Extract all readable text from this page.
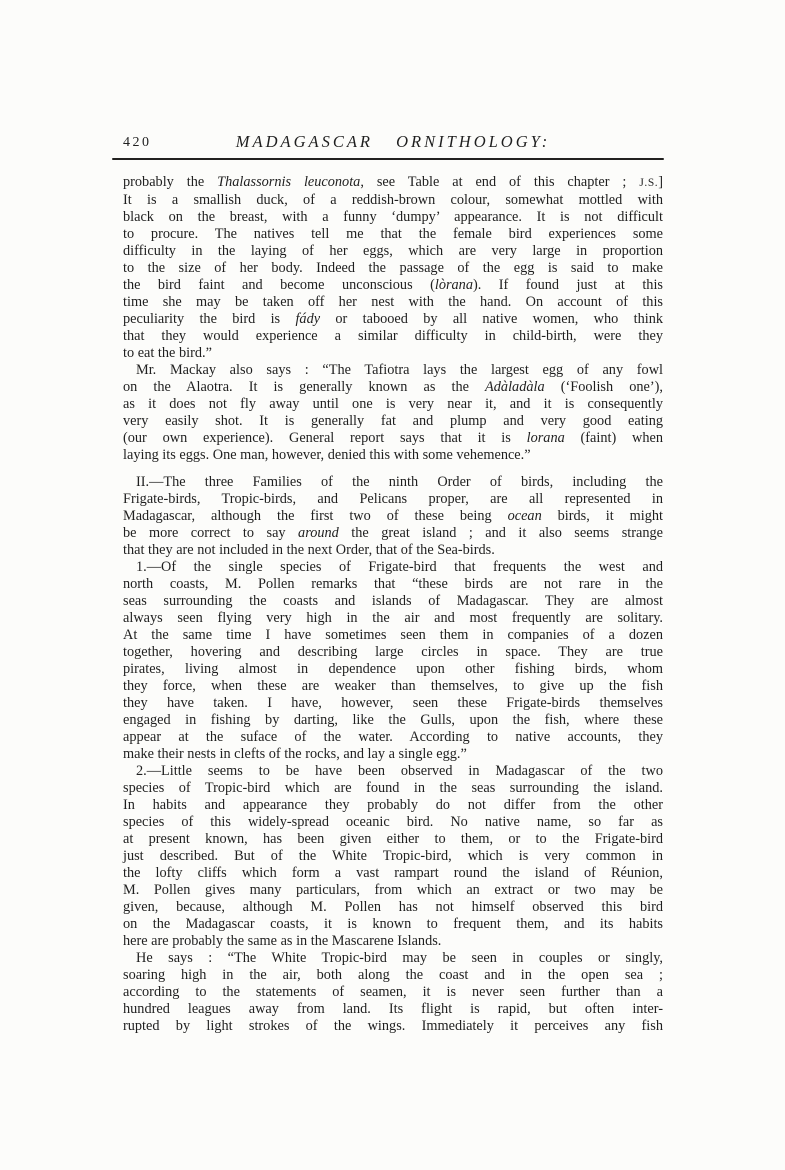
420	MADAGASCAR ORNITHOLOGY:
probably the Thalassornis leuconota, see Table at end of this chapter ; J.S.]
It is a smallish duck, of a reddish-brown colour, somewhat mottled with
black on the breast, with a funny ‘dumpy’ appearance. It is not difficult
to procure. The natives tell me that the female bird experiences some
difficulty in the laying of her eggs, which are very large in proportion
to the size of her body. Indeed the passage of the egg is said to make
the bird faint and become unconscious (lòrana). If found just at this
time she may be taken off her nest with the hand. On account of this
peculiarity the bird is fády or tabooed by all native women, who think
that they would experience a similar difficulty in child-birth, were they
to eat the bird.”
Mr. Mackay also says : “The Tafiotra lays the largest egg of any fowl
on the Alaotra. It is generally known as the Adàladàla (‘Foolish one’),
as it does not fly away until one is very near it, and it is consequently
very easily shot. It is generally fat and plump and very good eating
(our own experience). General report says that it is lorana (faint) when
laying its eggs. One man, however, denied this with some vehemence.”
II.—The three Families of the ninth Order of birds, including the
Frigate-birds, Tropic-birds, and Pelicans proper, are all represented in
Madagascar, although the first two of these being ocean birds, it might
be more correct to say around the great island ; and it also seems strange
that they are not included in the next Order, that of the Sea-birds.
1.—Of the single species of Frigate-bird that frequents the west and
north coasts, M. Pollen remarks that “these birds are not rare in the
seas surrounding the coasts and islands of Madagascar. They are almost
always seen flying very high in the air and most frequently are solitary.
At the same time I have sometimes seen them in companies of a dozen
together, hovering and describing large circles in space. They are true
pirates, living almost in dependence upon other fishing birds, whom
they force, when these are weaker than themselves, to give up the fish
they have taken. I have, however, seen these Frigate-birds themselves
engaged in fishing by darting, like the Gulls, upon the fish, where these
appear at the suface of the water. According to native accounts, they
make their nests in clefts of the rocks, and lay a single egg.”
2.—Little seems to be have been observed in Madagascar of the two
species of Tropic-bird which are found in the seas surrounding the island.
In habits and appearance they probably do not differ from the other
species of this widely-spread oceanic bird. No native name, so far as
at present known, has been given either to them, or to the Frigate-bird
just described. But of the White Tropic-bird, which is very common in
the lofty cliffs which form a vast rampart round the island of Réunion,
M. Pollen gives many particulars, from which an extract or two may be
given, because, although M. Pollen has not himself observed this bird
on the Madagascar coasts, it is known to frequent them, and its habits
here are probably the same as in the Mascarene Islands.
He says : “The White Tropic-bird may be seen in couples or singly,
soaring high in the air, both along the coast and in the open sea ;
according to the statements of seamen, it is never seen further than a
hundred leagues away from land. Its flight is rapid, but often inter-
rupted by light strokes of the wings. Immediately it perceives any fish
